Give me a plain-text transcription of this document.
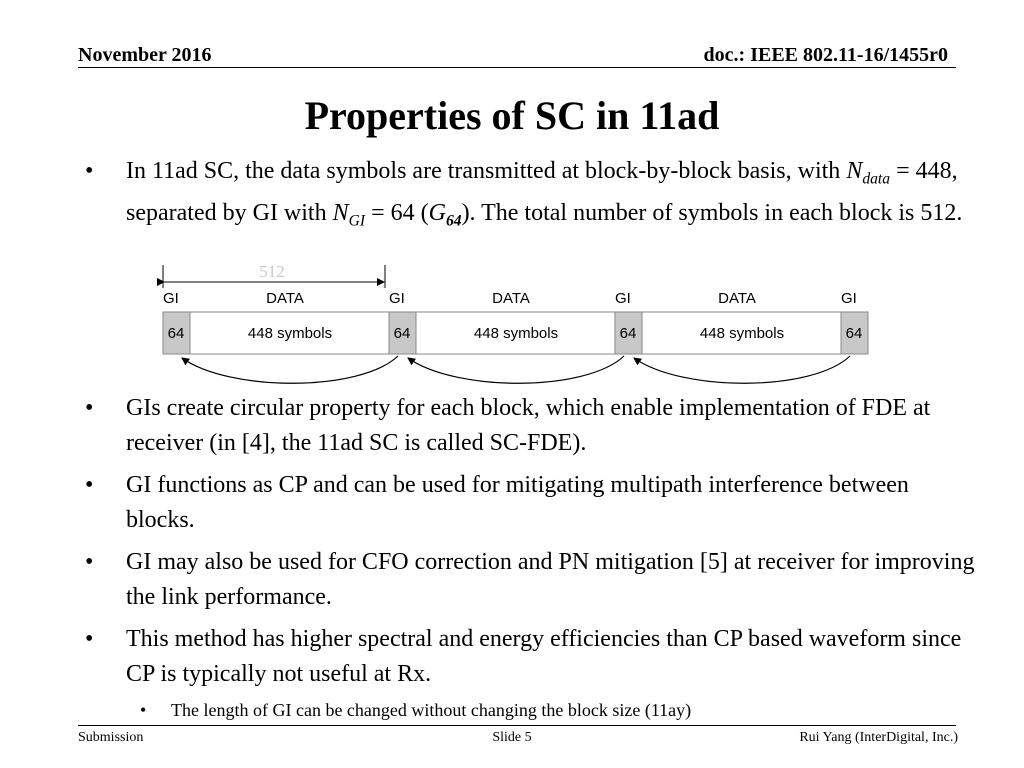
November 2016	doc.: IEEE 802.11-16/1455r0
Properties of SC in 11ad
• In 11ad SC, the data symbols are transmitted at block-by-block basis, with $N_{data} = 448$, separated by GI with $N_{GI} = 64$ $(G_{64})$. The total number of symbols in each block is 512.
512
GI	DATA	GI	DATA	GI	DATA	GI
64	448 symbols	64	448 symbols	64	448 symbols	64
• GIs create circular property for each block, which enable implementation of FDE at receiver (in [4], the 11ad SC is called SC-FDE).
• GI functions as CP and can be used for mitigating multipath interference between blocks.
• GI may also be used for CFO correction and PN mitigation [5] at receiver for improving the link performance.
• This method has higher spectral and energy efficiencies than CP based waveform since CP is typically not useful at Rx.
• The length of GI can be changed without changing the block size (11ay)
Submission	Slide 5	Rui Yang (InterDigital, Inc.)
